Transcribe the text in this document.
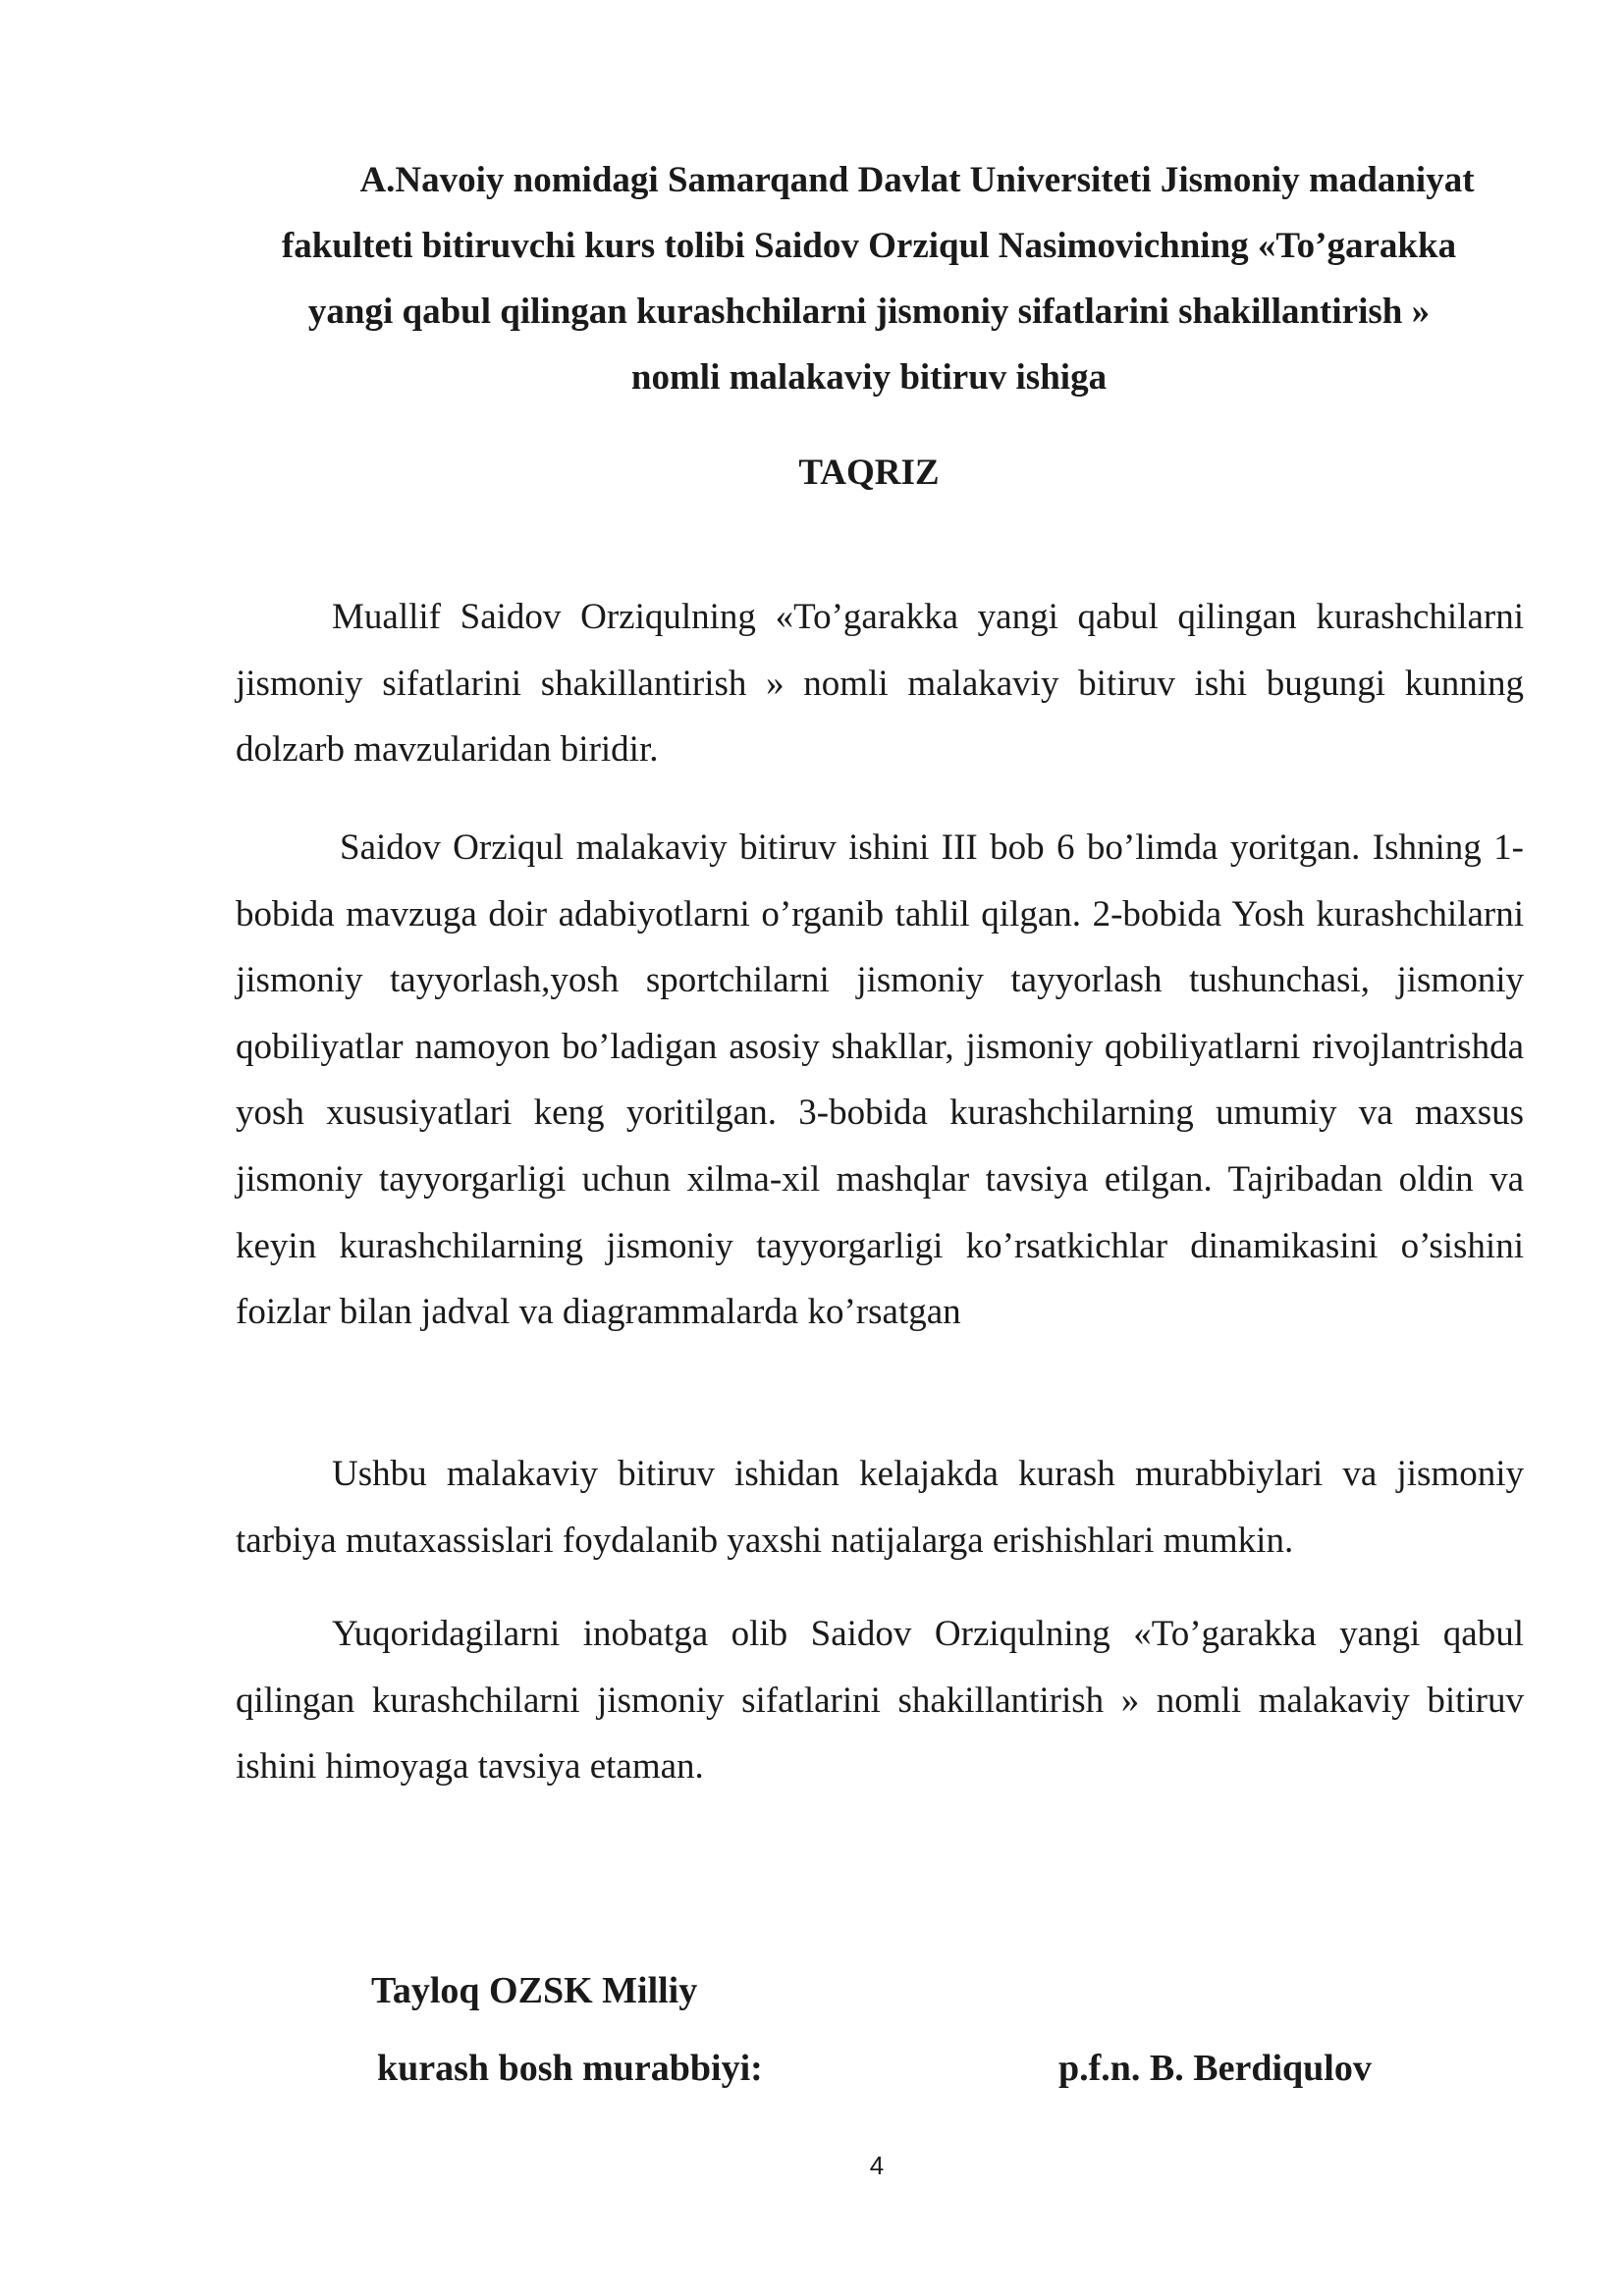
A.Navoiy nomidagi Samarqand Davlat Universiteti Jismoniy madaniyat
fakulteti bitiruvchi kurs tolibi Saidov Orziqul Nasimovichning «To’garakka
yangi qabul qilingan kurashchilarni jismoniy sifatlarini shakillantirish »
nomli malakaviy bitiruv ishiga
TAQRIZ

Muallif Saidov Orziqulning «To’garakka yangi qabul qilingan kurashchilarni jismoniy sifatlarini shakillantirish » nomli malakaviy bitiruv ishi bugungi kunning dolzarb mavzularidan biridir.

Saidov Orziqul malakaviy bitiruv ishini III bob 6 bo’limda yoritgan. Ishning 1-bobida mavzuga doir adabiyotlarni o’rganib tahlil qilgan. 2-bobida Yosh kurashchilarni jismoniy tayyorlash,yosh sportchilarni jismoniy tayyorlash tushunchasi, jismoniy qobiliyatlar namoyon bo’ladigan asosiy shakllar, jismoniy qobiliyatlarni rivojlantrishda yosh xususiyatlari keng yoritilgan. 3-bobida kurashchilarning umumiy va maxsus jismoniy tayyorgarligi uchun xilma-xil mashqlar tavsiya etilgan. Tajribadan oldin va keyin kurashchilarning jismoniy tayyorgarligi ko’rsatkichlar dinamikasini o’sishini foizlar bilan jadval va diagrammalarda ko’rsatgan

Ushbu malakaviy bitiruv ishidan kelajakda kurash murabbiylari va jismoniy tarbiya mutaxassislari foydalanib yaxshi natijalarga erishishlari mumkin.

Yuqoridagilarni inobatga olib Saidov Orziqulning «To’garakka yangi qabul qilingan kurashchilarni jismoniy sifatlarini shakillantirish » nomli malakaviy bitiruv ishini himoyaga tavsiya etaman.

Tayloq OZSK Milliy
kurash bosh murabbiyi:	p.f.n. B. Berdiqulov
4
